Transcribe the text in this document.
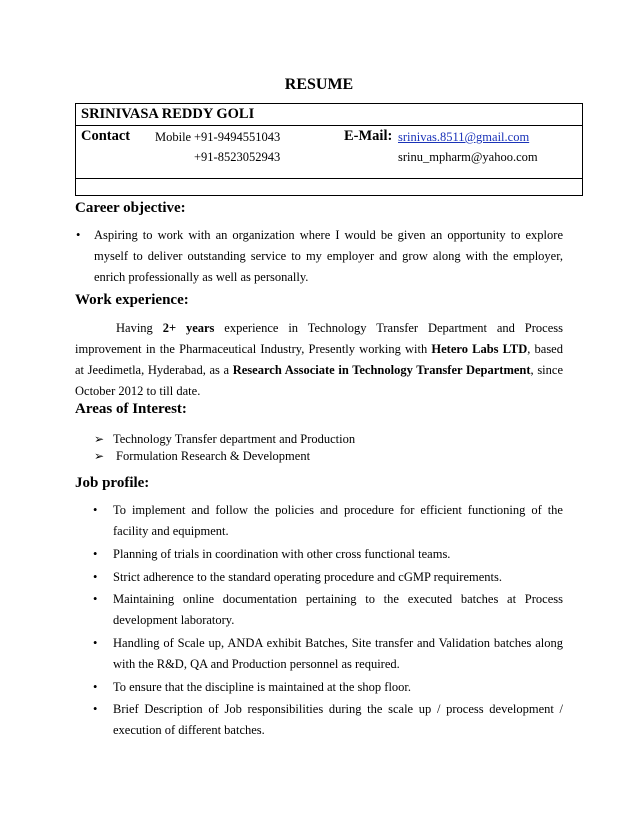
RESUME
SRINIVASA REDDY GOLI
Contact Mobile +91-9494551043
+91-8523052943
E-Mail: srinivas.8511@gmail.com
srinu_mpharm@yahoo.com
Career objective:
• Aspiring to work with an organization where I would be given an opportunity to explore myself to deliver outstanding service to my employer and grow along with the employer, enrich professionally as well as personally.
Work experience:
Having 2+ years experience in Technology Transfer Department and Process improvement in the Pharmaceutical Industry, Presently working with Hetero Labs LTD, based at Jeedimetla, Hyderabad, as a Research Associate in Technology Transfer Department, since October 2012 to till date.
Areas of Interest:
➢ Technology Transfer department and Production
➢ Formulation Research & Development
Job profile:
• To implement and follow the policies and procedure for efficient functioning of the facility and equipment.
• Planning of trials in coordination with other cross functional teams.
• Strict adherence to the standard operating procedure and cGMP requirements.
• Maintaining online documentation pertaining to the executed batches at Process development laboratory.
• Handling of Scale up, ANDA exhibit Batches, Site transfer and Validation batches along with the R&D, QA and Production personnel as required.
• To ensure that the discipline is maintained at the shop floor.
• Brief Description of Job responsibilities during the scale up / process development / execution of different batches.
